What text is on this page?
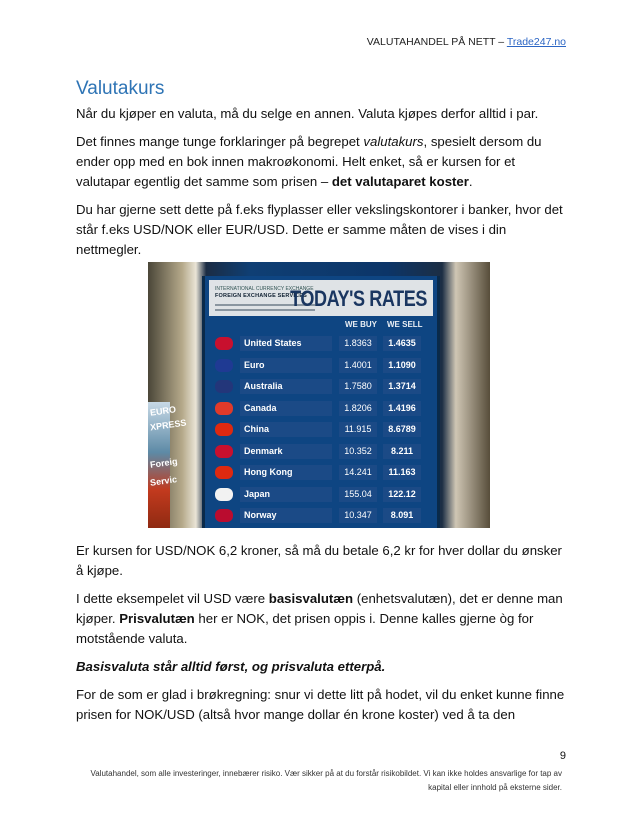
VALUTAHANDEL PÅ NETT – Trade247.no
Valutakurs

Når du kjøper en valuta, må du selge en annen. Valuta kjøpes derfor alltid i par.

Det finnes mange tunge forklaringer på begrepet valutakurs, spesielt dersom du ender opp med en bok innen makroøkonomi. Helt enket, så er kursen for et valutapar egentlig det samme som prisen – det valutaparet koster.

Du har gjerne sett dette på f.eks flyplasser eller vekslingskontorer i banker, hvor det står f.eks USD/NOK eller EUR/USD. Dette er samme måten de vises i din nettmegler.

EURO
XPRESS
Foreig
Servic
INTERNATIONAL CURRENCY EXCHANGE
FOREIGN EXCHANGE SERVICES
TODAY'S RATES
WE BUY WE SELL
United States	1.8363	1.4635
Euro	1.4001	1.1090
Australia	1.7580	1.3714
Canada	1.8206	1.4196
China	11.915	8.6789
Denmark	10.352	8.211
Hong Kong	14.241	11.163
Japan	155.04	122.12
Norway	10.347	8.091

Er kursen for USD/NOK 6,2 kroner, så må du betale 6,2 kr for hver dollar du ønsker å kjøpe.

I dette eksempelet vil USD være basisvalutæn (enhetsvalutæn), det er denne man kjøper. Prisvalutæn her er NOK, det prisen oppis i. Denne kalles gjerne òg for motstående valuta.

Basisvaluta står alltid først, og prisvaluta etterpå.

For de som er glad i brøkregning: snur vi dette litt på hodet, vil du enket kunne finne prisen for NOK/USD (altså hvor mange dollar én krone koster) ved å ta den

9
Valutahandel, som alle investeringer, innebærer risiko. Vær sikker på at du forstår risikobildet. Vi kan ikke holdes ansvarlige for tap av kapital eller innhold på eksterne sider.
